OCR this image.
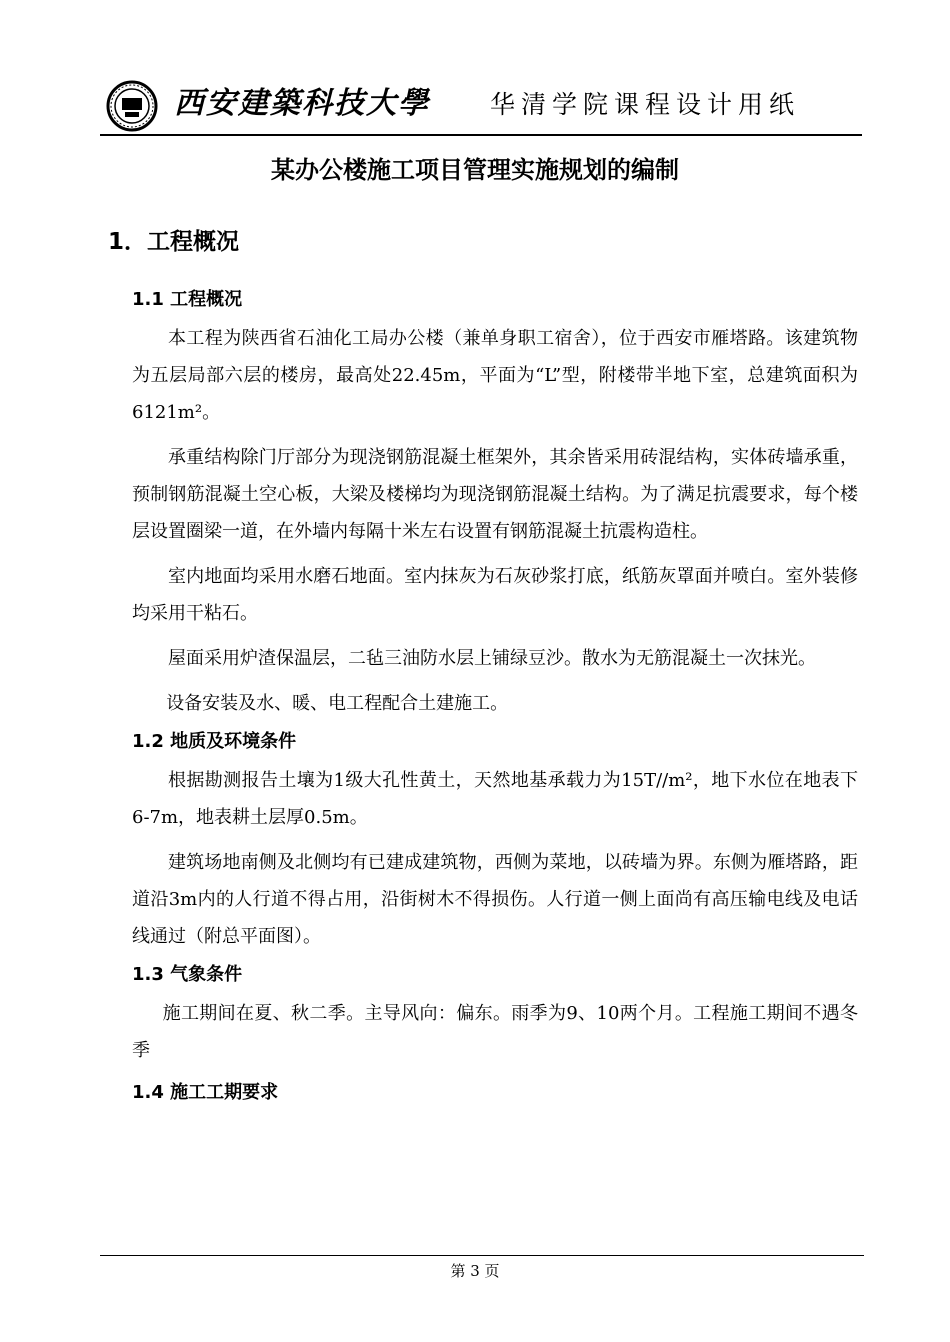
西安建築科技大學 华清学院课程设计用纸
某办公楼施工项目管理实施规划的编制
1．工程概况
1.1 工程概况

本工程为陕西省石油化工局办公楼（兼单身职工宿舍），位于西安市雁塔路。该建筑物为五层局部六层的楼房，最高处22.45m，平面为“L”型，附楼带半地下室，总建筑面积为6121m²。

承重结构除门厅部分为现浇钢筋混凝土框架外，其余皆采用砖混结构，实体砖墙承重，预制钢筋混凝土空心板，大梁及楼梯均为现浇钢筋混凝土结构。为了满足抗震要求，每个楼层设置圈梁一道，在外墙内每隔十米左右设置有钢筋混凝土抗震构造柱。

室内地面均采用水磨石地面。室内抹灰为石灰砂浆打底，纸筋灰罩面并喷白。室外装修均采用干粘石。

屋面采用炉渣保温层，二毡三油防水层上铺绿豆沙。散水为无筋混凝土一次抹光。

设备安装及水、暖、电工程配合土建施工。

1.2 地质及环境条件

根据勘测报告土壤为1级大孔性黄土，天然地基承载力为15T//m²，地下水位在地表下6-7m，地表耕土层厚0.5m。

建筑场地南侧及北侧均有已建成建筑物，西侧为菜地，以砖墙为界。东侧为雁塔路，距道沿3m内的人行道不得占用，沿街树木不得损伤。人行道一侧上面尚有高压输电线及电话线通过（附总平面图）。

1.3 气象条件

施工期间在夏、秋二季。主导风向：偏东。雨季为9、10两个月。工程施工期间不遇冬季

1.4 施工工期要求
第 3 页
